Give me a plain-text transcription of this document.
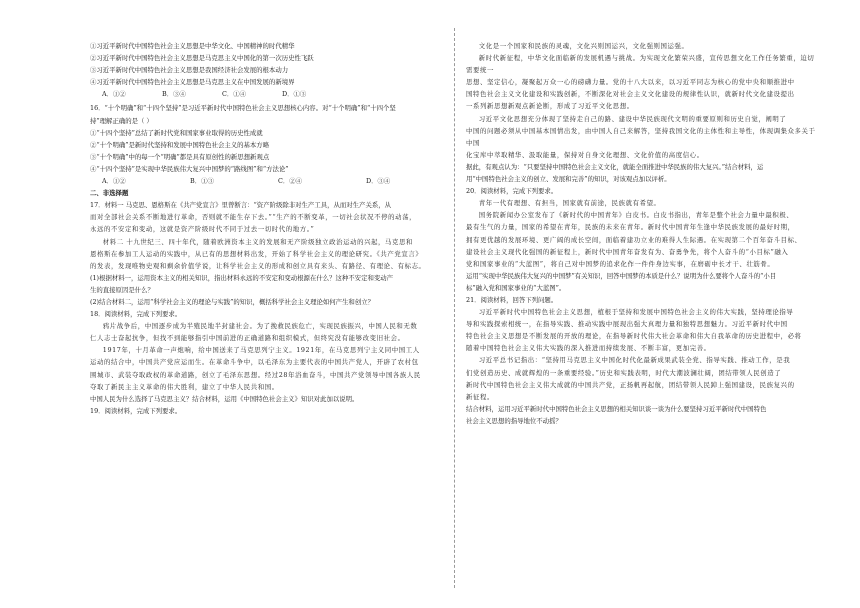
①习近平新时代中国特色社会主义思想是中华文化、中国精神的时代精华

②习近平新时代中国特色社会主义思想是马克思主义中国化的第一次历史性飞跃

③习近平新时代中国特色社会主义思想是我国经济社会发展的根本动力

④习近平新时代中国特色社会主义思想是马克思主义在中国发展的新境界

A．①②	B．③④	C．①④	D．①③

16．“十个明确”和“十四个坚持”是习近平新时代中国特色社会主义思想核心内容。对“十个明确”和“十四个坚

持”理解正确的是（ ）

①“十四个坚持”总结了新时代党和国家事业取得的历史性成就

②“十个明确”是新时代坚持和发展中国特色社会主义的基本方略

③“十个明确”中的每一个“明确”都是具有原创性的新思想新观点

④“十四个坚持”是实现中华民族伟大复兴中国梦的“路线图”和“方法论”

A．①②	B．①③	C．②④	D．③④

二、非选择题

17．材料一 马克思、恩格斯在《共产党宣言》里曾断言：“资产阶级除非对生产工具，从而对生产关系，从

而对全部社会关系不断地进行革命，否则就不能生存下去。”“生产的不断变革，一切社会状况不停的动荡，

永远的不安定和变动，这就是资产阶级时代不同于过去一切时代的地方。”

材料二 十九世纪三、四十年代，随着欧洲资本主义的发展和无产阶级独立政治运动的兴起，马克思和

恩格斯在参加工人运动的实践中，从已有的思想材料出发，开始了科学社会主义的理论研究。《共产党宣言》

的发表，发现唯物史观和剩余价值学说，让科学社会主义的形成和创立具有来头、有路径、有理论、有标志。

(1)根据材料一，运用资本主义的相关知识，指出材料永远的不安定和变动根源在什么？这种不安定和变动产

生的直接原因是什么？

(2)结合材料二，运用“科学社会主义的理论与实践”的知识，概括科学社会主义理论如何产生和创立？

18．阅读材料，完成下列要求。

鸦片战争后，中国逐步成为半殖民地半封建社会。为了挽救民族危亡，实现民族振兴，中国人民和无数

仁人志士奋起抗争，但找不到能够指引中国前进的正确道路和组织模式，但终究没有能够改变旧社会。

1917年，十月革命一声炮响，给中国送来了马克思列宁主义。1921年，在马克思列宁主义同中国工人

运动的结合中，中国共产党应运而生。在革命斗争中，以毛泽东为主要代表的中国共产党人，开辟了农村包

围城市、武装夺取政权的革命道路，创立了毛泽东思想。经过28年浴血奋斗，中国共产党领导中国各族人民

夺取了新民主主义革命的伟大胜利，建立了中华人民共和国。

中国人民为什么选择了马克思主义？结合材料，运用《中国特色社会主义》知识对此加以说明。

19．阅读材料，完成下列要求。

文化是一个国家和民族的灵魂，文化兴则国运兴，文化强则国运强。

新时代新征程，中华文化面临新的发展机遇与挑战。为实现文化繁荣兴盛，宣传思想文化工作任务繁重，迫切需要统一

思想、坚定信心，凝聚起万众一心的磅礴力量。党的十八大以来，以习近平同志为核心的党中央和顺推进中

国特色社会主义文化建设和实践创新，不断深化对社会主义文化建设的规律性认识，就新时代文化建设提出

一系列新思想新观点新论断，形成了习近平文化思想。

习近平文化思想充分体现了坚持走自己的路、建设中华民族现代文明的重要原则和历史自觉，阐明了

中国的问题必须从中国基本国情出发，由中国人自己来解答，坚持我国文化的主体性和主导性，体现调集众多关于中国

化宝库中萃取精华、汲取能量，保持对自身文化理想、文化价值的高度信心。

据此，有观点认为：“只要坚持中国特色社会主义文化，就能全面推进中华民族的伟大复兴。”结合材料，运

用“中国特色社会主义的创立、发展和完善”的知识，对该观点加以评析。

20．阅读材料，完成下列要求。

青年一代有理想、有担当，国家就有前途，民族就有希望。

国务院新闻办公室发布了《新时代的中国青年》白皮书。白皮书指出，青年是整个社会力量中最积极、

最有生气的力量，国家的希望在青年，民族的未来在青年。新时代中国青年生逢中华民族发展的最好时期，

拥有更优越的发展环境、更广阔的成长空间，面临着建功立业的难得人生际遇。在实现第二个百年奋斗目标、

建设社会主义现代化强国的新征程上，新时代中国青年奋发有为、奋勇争先，将个人奋斗的“小目标”融入

党和国家事业的“大蓝图”，将自己对中国梦的追求化作一件件身边实事，在磨砺中长才干、壮筋骨。

运用“实现中华民族伟大复兴的中国梦”有关知识，回答中国梦的本质是什么？说明为什么要将个人奋斗的“小目

标”融入党和国家事业的“大蓝图”。

21．阅读材料，回答下列问题。

习近平新时代中国特色社会主义思想，植根于坚持和发展中国特色社会主义的伟大实践，坚持理论指导

导和实践探索相统一，在指导实践、推动实践中展现出强大真理力量和独特思想魅力。习近平新时代中国

特色社会主义思想是不断发展的开放的理论，在指导新时代伟大社会革命和伟大自我革命的历史进程中，必将

随着中国特色社会主义伟大实践的深入推进而持续发展、不断丰富，更加完善。

习近平总书记指出：“坚持用马克思主义中国化时代化最新成果武装全党、指导实践、推动工作，是我

们党创造历史、成就辉煌的一条重要经验。”历史和实践表明，时代大潮波澜壮阔，团结带领人民创造了

新时代中国特色社会主义伟大成就的中国共产党，正扬帆再起航，团结带领人民踔上强国建设，民族复兴的

新征程。

结合材料，运用习近平新时代中国特色社会主义思想的相关知识谈一谈为什么要坚持习近平新时代中国特色

社会主义思想的指导地位不动摇？
